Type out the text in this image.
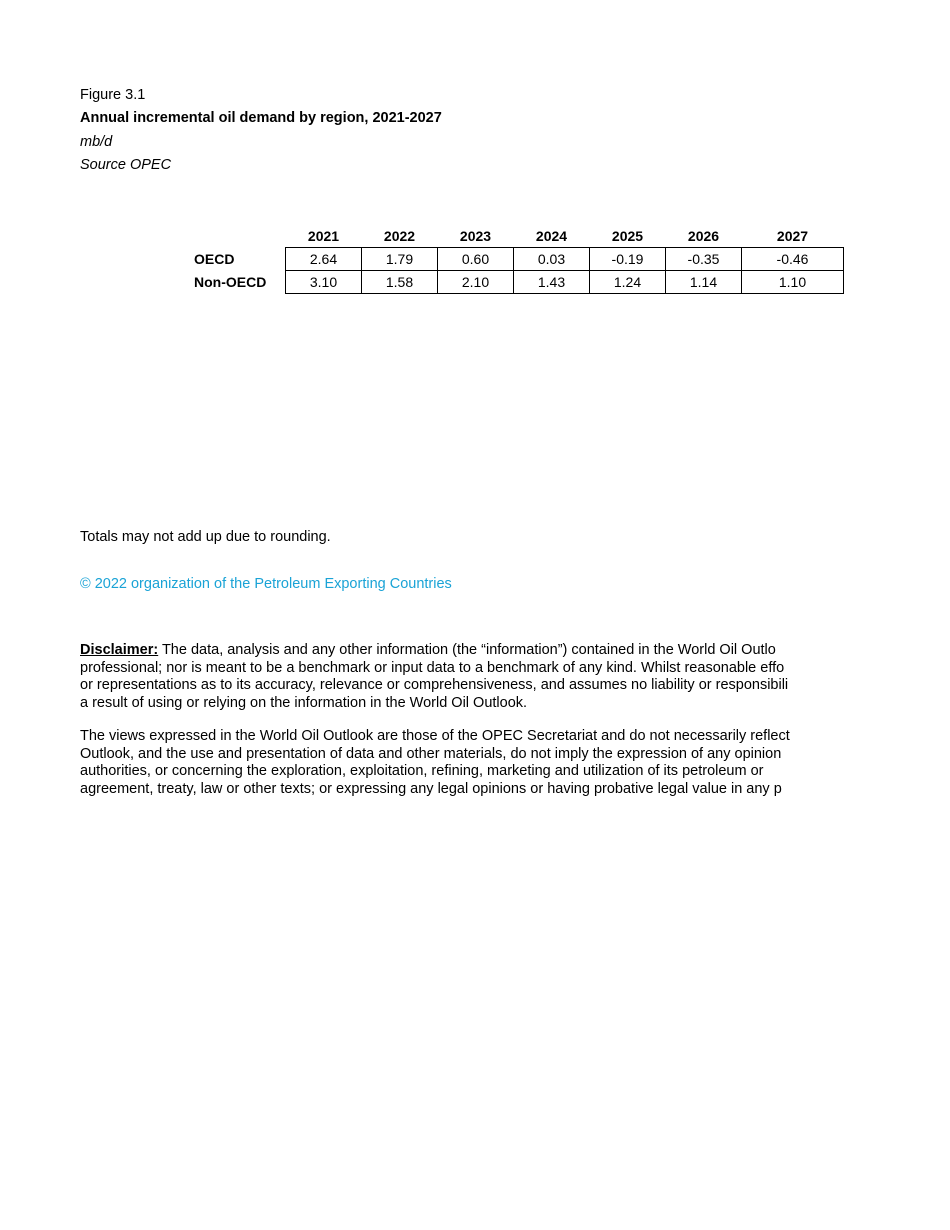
Figure 3.1
Annual incremental oil demand by region, 2021-2027
mb/d
Source OPEC
	2021	2022	2023	2024	2025	2026	2027
OECD	2.64	1.79	0.60	0.03	-0.19	-0.35	-0.46
Non-OECD	3.10	1.58	2.10	1.43	1.24	1.14	1.10
Totals may not add up due to rounding.
© 2022 organization of the Petroleum Exporting Countries
Disclaimer: The data, analysis and any other information (the “information”) contained in the World Oil Outlo
professional; nor is meant to be a benchmark or input data to a benchmark of any kind. Whilst reasonable effo
or representations as to its accuracy, relevance or comprehensiveness, and assumes no liability or responsibili
a result of using or relying on the information in the World Oil Outlook.
The views expressed in the World Oil Outlook are those of the OPEC Secretariat and do not necessarily reflect
Outlook, and the use and presentation of data and other materials, do not imply the expression of any opinion
authorities, or concerning the exploration, exploitation, refining, marketing and utilization of its petroleum or
agreement, treaty, law or other texts; or expressing any legal opinions or having probative legal value in any p
